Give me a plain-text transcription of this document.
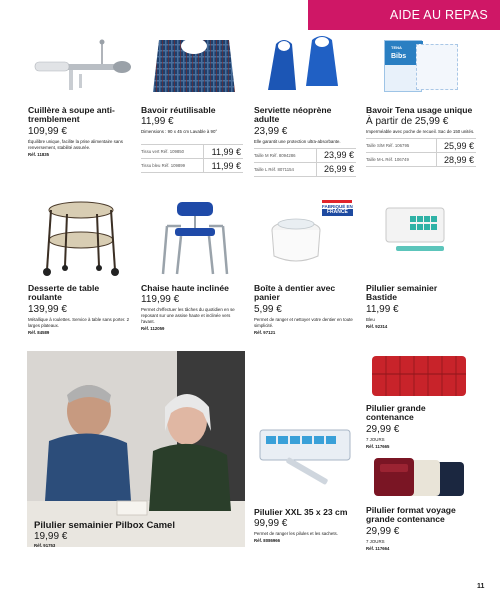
AIDE AU REPAS
Cuillère à soupe anti-tremblement
109,99 €
Équilibre unique, facilite la prise alimentaire sans renversement, stabilité assurée.
Réf. 11835
Bavoir réutilisable
11,99 €
Dimensions : 90 x 45 cm Lavable à 90°
Tissu vert Réf. 109850	11,99 €
Tissu bleu Réf. 109899	11,99 €
Serviette néoprène adulte
23,99 €
Elle garantit une protection ultra-absorbante.
Taille M Réf. 8094286	23,99 €
Taille L Réf. 8071154	26,99 €
TENA
Bibs
Bavoir Tena usage unique
À partir de 25,99 €
Imperméable avec poche de recueil. Sac de 150 unités.
Taille S/M Réf. 106795	25,99 €
Taille M-L Réf. 106749	28,99 €
Desserte de table roulante
139,99 €
Métallique à roulettes. Service à table sans porter. 2 larges plateaux.
Réf. 84589
Chaise haute inclinée
119,99 €
Permet d'effectuer les tâches du quotidien en se reposant sur une assise haute et inclinée vers l'avant.
Réf. 112059
FABRIQUÉ EN
FRANCE
Boîte à dentier avec panier
5,99 €
Permet de ranger et nettoyer votre dentier en toute simplicité.
Réf. 97121
Pilulier semainier Bastide
11,99 €
Bleu
Réf. 92314
Pilulier semainier Pilbox Camel
19,99 €
Réf. 91753
Pilulier XXL 35 x 23 cm
99,99 €
Permet de ranger les pilules et les sachets.
Réf. 8086966
Pilulier grande contenance
29,99 €
7 JOURS
Réf. 117665
Pilulier format voyage grande contenance
29,99 €
7 JOURS
Réf. 117664
11
